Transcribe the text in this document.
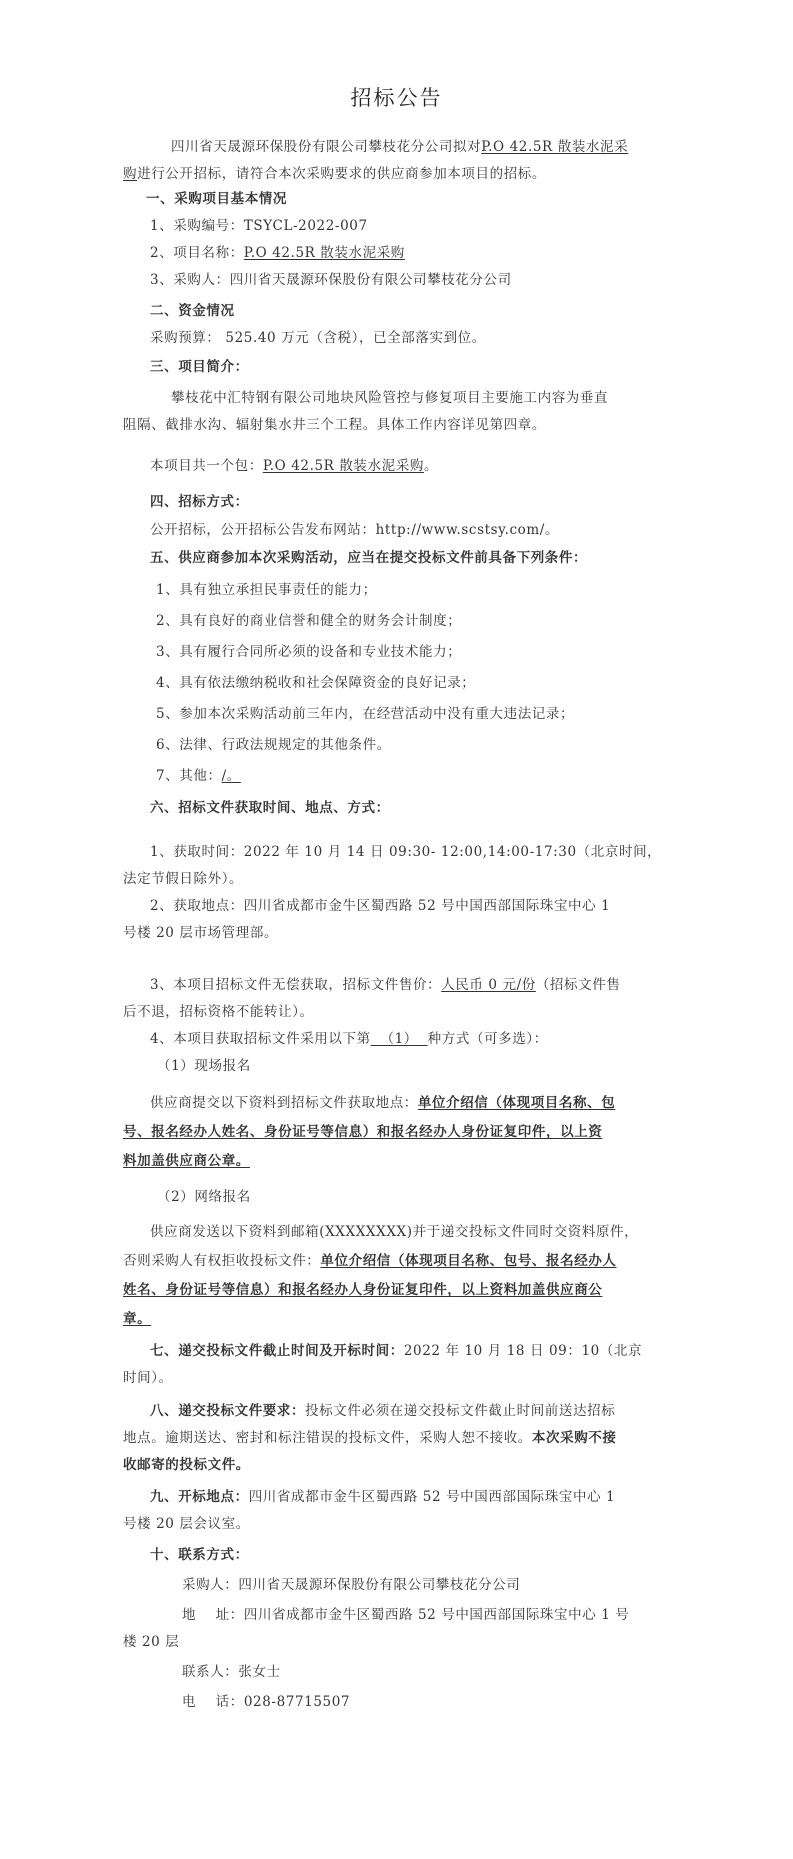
招标公告
四川省天晟源环保股份有限公司攀枝花分公司拟对P.O 42.5R 散装水泥采
购进行公开招标，请符合本次采购要求的供应商参加本项目的招标。
一、采购项目基本情况
1、采购编号：TSYCL-2022-007
2、项目名称：P.O 42.5R 散装水泥采购
3、采购人：四川省天晟源环保股份有限公司攀枝花分公司
二、资金情况
采购预算： 525.40 万元（含税），已全部落实到位。
三、项目简介：
攀枝花中汇特钢有限公司地块风险管控与修复项目主要施工内容为垂直
阻隔、截排水沟、辐射集水井三个工程。具体工作内容详见第四章。
本项目共一个包：P.O 42.5R 散装水泥采购。
四、招标方式：
公开招标，公开招标公告发布网站：http://www.scstsy.com/。
五、供应商参加本次采购活动，应当在提交投标文件前具备下列条件：
1、具有独立承担民事责任的能力；
2、具有良好的商业信誉和健全的财务会计制度；
3、具有履行合同所必须的设备和专业技术能力；
4、具有依法缴纳税收和社会保障资金的良好记录；
5、参加本次采购活动前三年内，在经营活动中没有重大违法记录；
6、法律、行政法规规定的其他条件。
7、其他：/。
六、招标文件获取时间、地点、方式：
1、获取时间：2022 年 10 月 14 日 09:30- 12:00,14:00-17:30（北京时间，
法定节假日除外）。
2、获取地点：四川省成都市金牛区蜀西路 52 号中国西部国际珠宝中心 1
号楼 20 层市场管理部。
3、本项目招标文件无偿获取，招标文件售价：人民币 0 元/份（招标文件售
后不退，招标资格不能转让）。
4、本项目获取招标文件采用以下第  （1）  种方式（可多选）：
（1）现场报名
供应商提交以下资料到招标文件获取地点：单位介绍信（体现项目名称、包
号、报名经办人姓名、身份证号等信息）和报名经办人身份证复印件，以上资
料加盖供应商公章。
（2）网络报名
供应商发送以下资料到邮箱(XXXXXXXX)并于递交投标文件同时交资料原件，
否则采购人有权拒收投标文件：单位介绍信（体现项目名称、包号、报名经办人
姓名、身份证号等信息）和报名经办人身份证复印件，以上资料加盖供应商公
章。
七、递交投标文件截止时间及开标时间：2022 年 10 月 18 日 09：10（北京
时间）。
八、递交投标文件要求：投标文件必须在递交投标文件截止时间前送达招标
地点。逾期送达、密封和标注错误的投标文件，采购人恕不接收。本次采购不接
收邮寄的投标文件。
九、开标地点：四川省成都市金牛区蜀西路 52 号中国西部国际珠宝中心 1
号楼 20 层会议室。
十、联系方式：
采购人：四川省天晟源环保股份有限公司攀枝花分公司
地    址：四川省成都市金牛区蜀西路 52 号中国西部国际珠宝中心 1 号
楼 20 层
联系人：张女士
电    话：028-87715507
